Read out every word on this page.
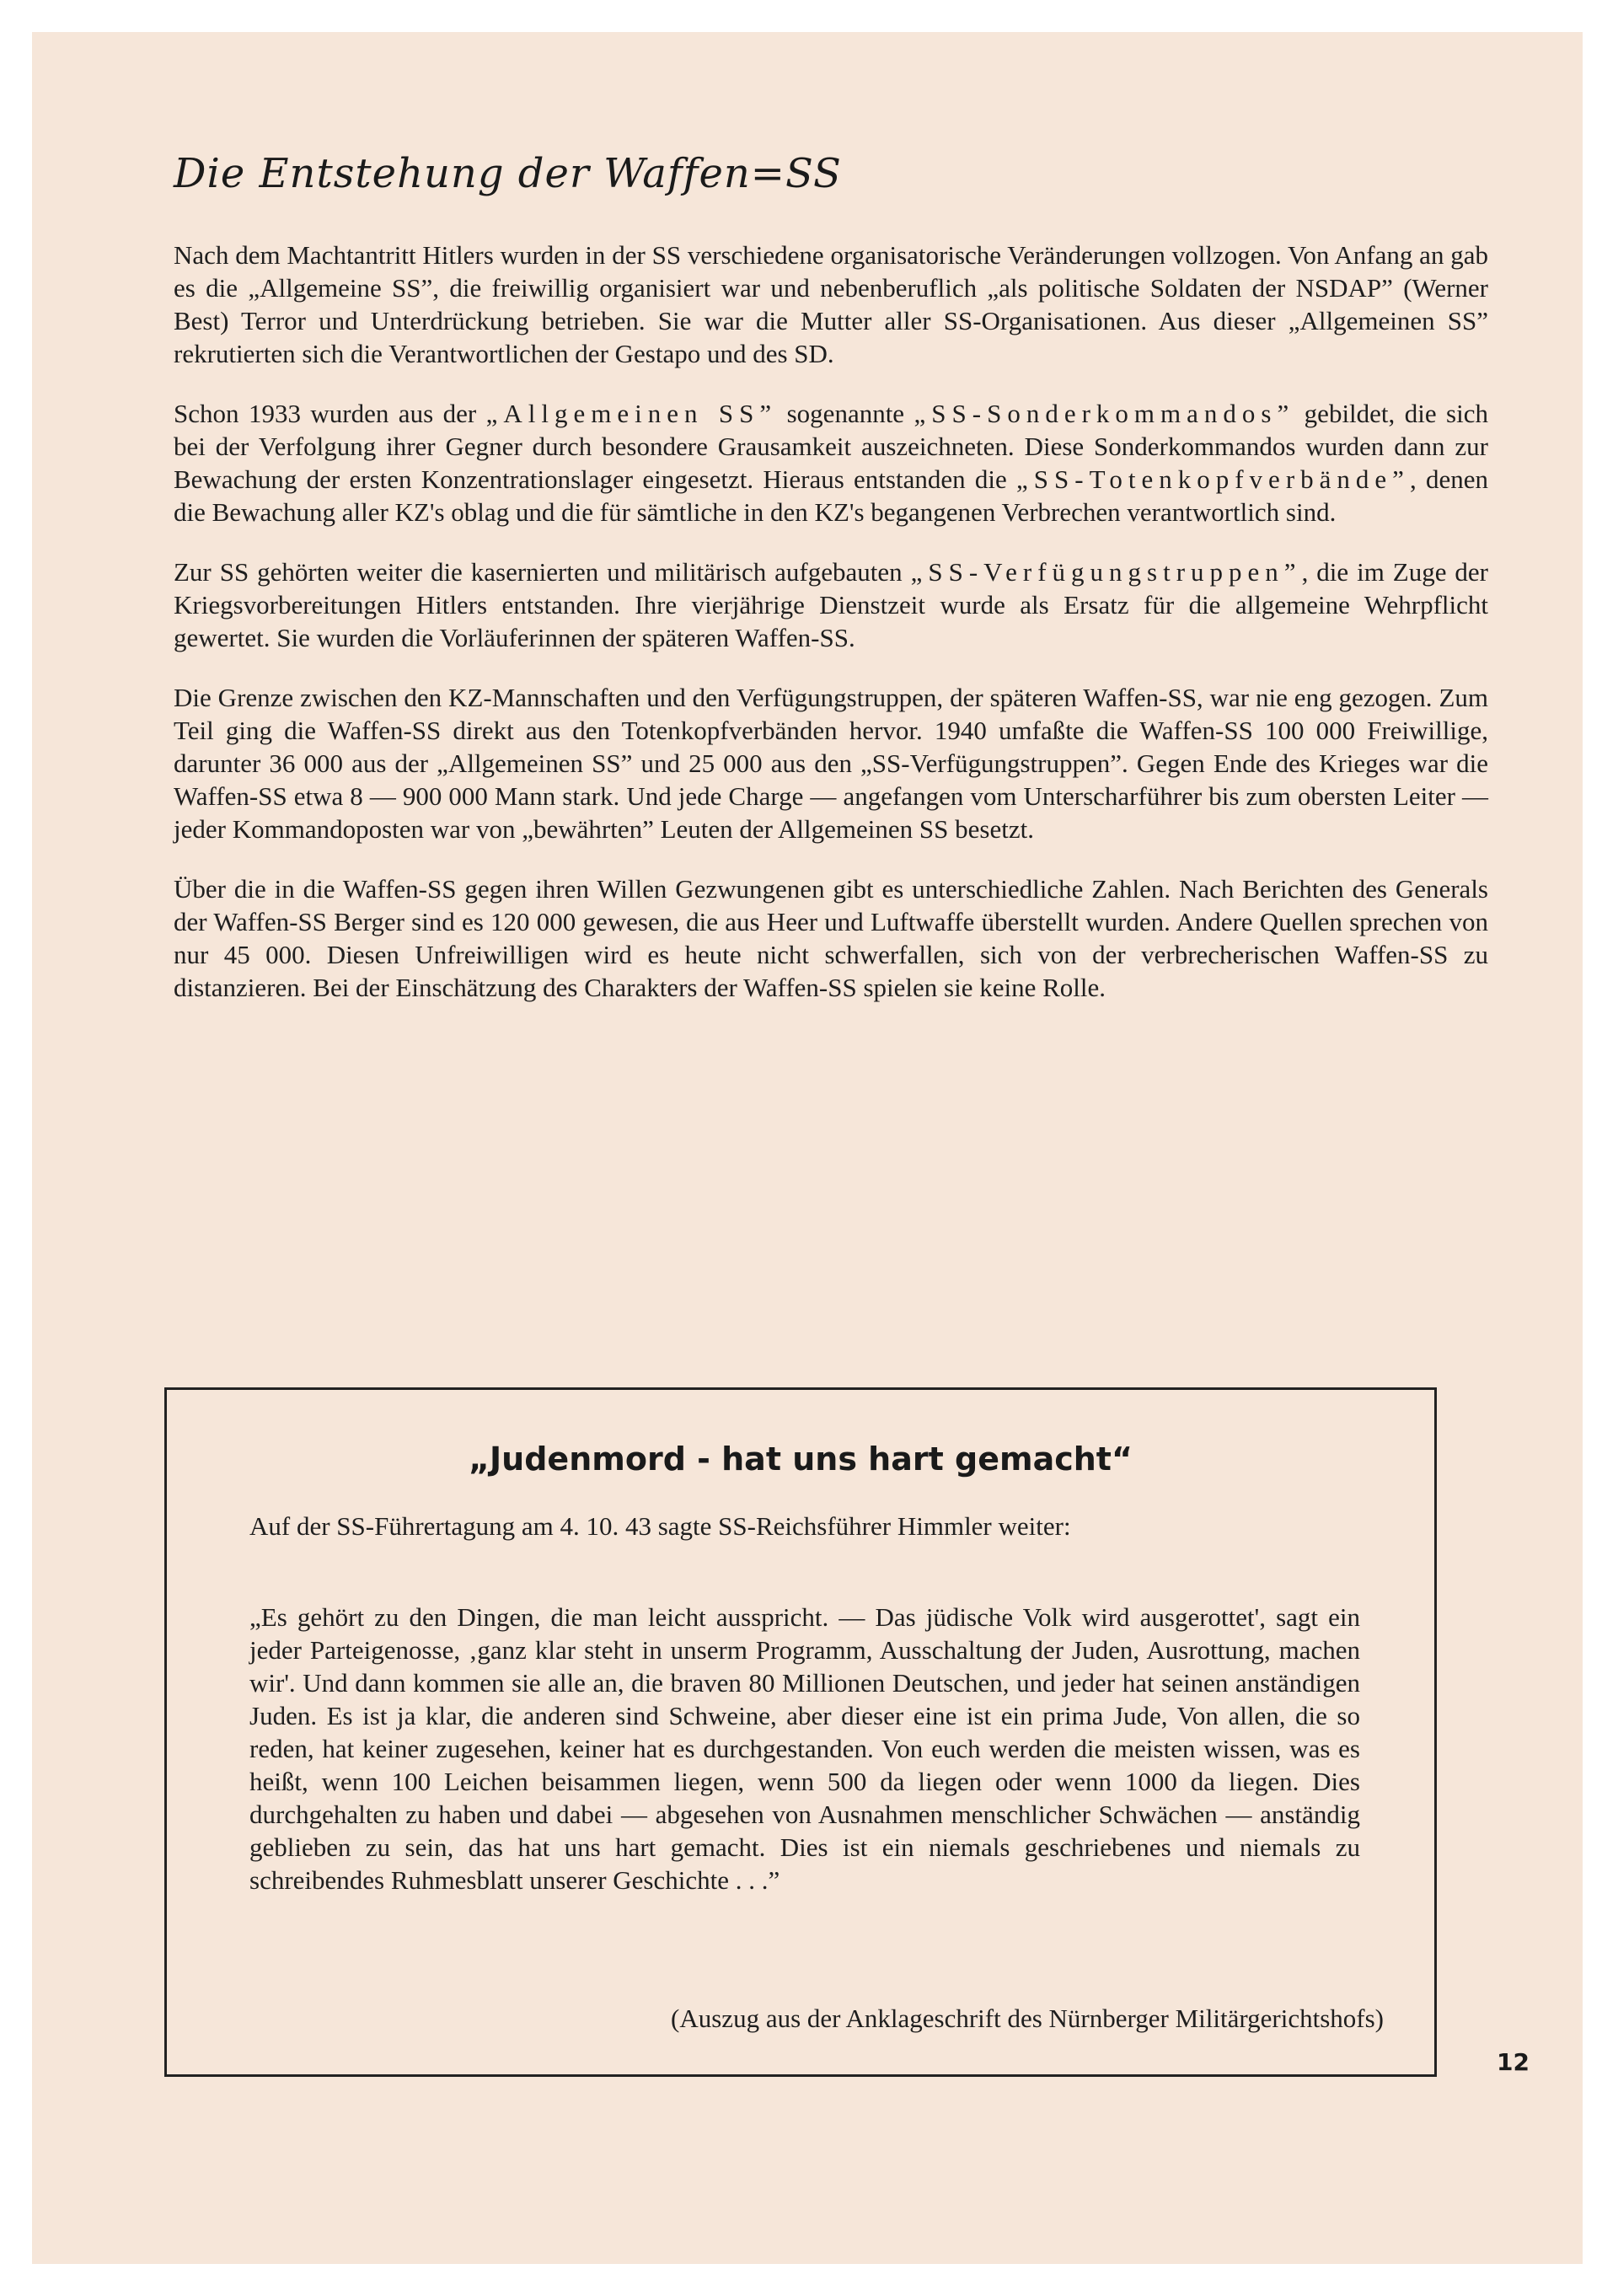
Die Entstehung der Waffen=SS

Nach dem Machtantritt Hitlers wurden in der SS verschiedene organisatorische Veränderungen vollzogen. Von Anfang an gab es die „Allgemeine SS”, die freiwillig organisiert war und nebenberuflich „als politische Soldaten der NSDAP” (Werner Best) Terror und Unterdrückung betrieben. Sie war die Mutter aller SS-Organisationen. Aus dieser „Allgemeinen SS” rekrutierten sich die Verantwortlichen der Gestapo und des SD.

Schon 1933 wurden aus der „Allgemeinen SS” sogenannte „SS-Sonderkommandos” gebildet, die sich bei der Verfolgung ihrer Gegner durch besondere Grausamkeit auszeichneten. Diese Sonderkommandos wurden dann zur Bewachung der ersten Konzentrationslager eingesetzt. Hieraus entstanden die „SS-Totenkopfverbände”, denen die Bewachung aller KZ's oblag und die für sämtliche in den KZ's begangenen Verbrechen verantwortlich sind.

Zur SS gehörten weiter die kasernierten und militärisch aufgebauten „SS-Verfügungstruppen”, die im Zuge der Kriegsvorbereitungen Hitlers entstanden. Ihre vierjährige Dienstzeit wurde als Ersatz für die allgemeine Wehrpflicht gewertet. Sie wurden die Vorläuferinnen der späteren Waffen-SS.

Die Grenze zwischen den KZ-Mannschaften und den Verfügungstruppen, der späteren Waffen-SS, war nie eng gezogen. Zum Teil ging die Waffen-SS direkt aus den Totenkopfverbänden hervor. 1940 umfaßte die Waffen-SS 100 000 Freiwillige, darunter 36 000 aus der „Allgemeinen SS” und 25 000 aus den „SS-Verfügungstruppen”. Gegen Ende des Krieges war die Waffen-SS etwa 8 — 900 000 Mann stark. Und jede Charge — angefangen vom Unterscharführer bis zum obersten Leiter — jeder Kommandoposten war von „bewährten” Leuten der Allgemeinen SS besetzt.

Über die in die Waffen-SS gegen ihren Willen Gezwungenen gibt es unterschiedliche Zahlen. Nach Berichten des Generals der Waffen-SS Berger sind es 120 000 gewesen, die aus Heer und Luftwaffe überstellt wurden. Andere Quellen sprechen von nur 45 000. Diesen Unfreiwilligen wird es heute nicht schwerfallen, sich von der verbrecherischen Waffen-SS zu distanzieren. Bei der Einschätzung des Charakters der Waffen-SS spielen sie keine Rolle.

„Judenmord - hat uns hart gemacht“

Auf der SS-Führertagung am 4. 10. 43 sagte SS-Reichsführer Himmler weiter:

„Es gehört zu den Dingen, die man leicht ausspricht. — Das jüdische Volk wird ausgerottet', sagt ein jeder Parteigenosse, ‚ganz klar steht in unserm Programm, Ausschaltung der Juden, Ausrottung, machen wir'. Und dann kommen sie alle an, die braven 80 Millionen Deutschen, und jeder hat seinen anständigen Juden. Es ist ja klar, die anderen sind Schweine, aber dieser eine ist ein prima Jude, Von allen, die so reden, hat keiner zugesehen, keiner hat es durchgestanden. Von euch werden die meisten wissen, was es heißt, wenn 100 Leichen beisammen liegen, wenn 500 da liegen oder wenn 1000 da liegen. Dies durchgehalten zu haben und dabei — abgesehen von Ausnahmen menschlicher Schwächen — anständig geblieben zu sein, das hat uns hart gemacht. Dies ist ein niemals geschriebenes und niemals zu schreibendes Ruhmesblatt unserer Geschichte . . .”

(Auszug aus der Anklageschrift des Nürnberger Militärgerichtshofs)

12
